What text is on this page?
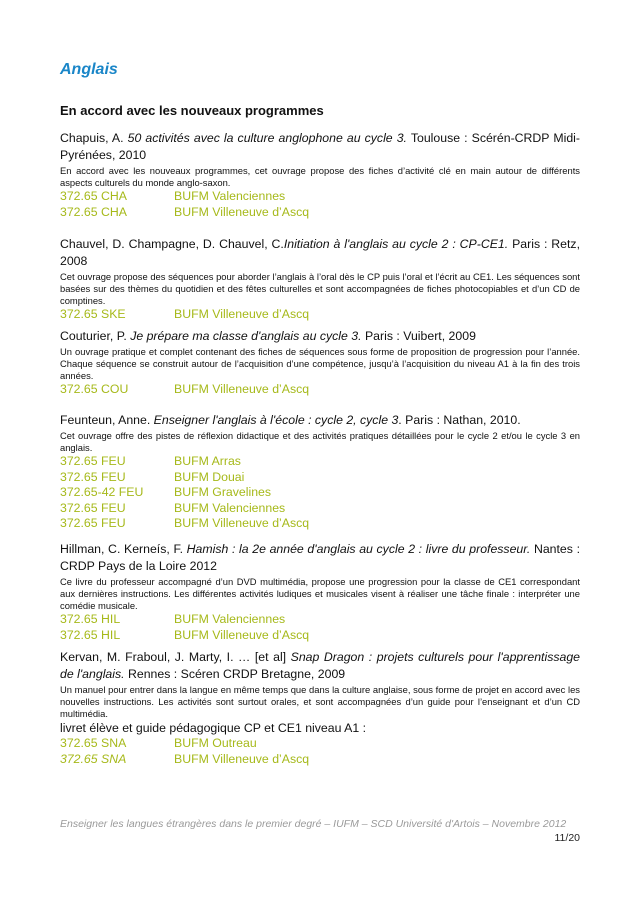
Anglais
En accord avec les nouveaux programmes
Chapuis, A. 50 activités avec la culture anglophone au cycle 3. Toulouse : Scérén-CRDP Midi-Pyrénées, 2010
En accord avec les nouveaux programmes, cet ouvrage propose des fiches d’activité clé en main autour de différents aspects culturels du monde anglo-saxon.
372.65 CHA	BUFM Valenciennes
372.65 CHA	BUFM Villeneuve d’Ascq
Chauvel, D. Champagne, D. Chauvel, C.Initiation à l'anglais au cycle 2 : CP-CE1. Paris : Retz, 2008
Cet ouvrage propose des séquences pour aborder l’anglais à l’oral dès le CP puis l’oral et l’écrit au CE1. Les séquences sont basées sur des thèmes du quotidien et des fêtes culturelles et sont accompagnées de fiches photocopiables et d’un CD de comptines.
372.65 SKE	BUFM Villeneuve d’Ascq
Couturier, P. Je prépare ma classe d'anglais au cycle 3. Paris : Vuibert, 2009
Un ouvrage pratique et complet contenant des fiches de séquences sous forme de proposition de progression pour l’année. Chaque séquence se construit autour de l’acquisition d’une compétence, jusqu’à l’acquisition du niveau A1 à la fin des trois années.
372.65 COU	BUFM Villeneuve d’Ascq
Feunteun, Anne. Enseigner l'anglais à l'école : cycle 2, cycle 3. Paris : Nathan, 2010.
Cet ouvrage offre des pistes de réflexion didactique et des activités pratiques détaillées pour le cycle 2 et/ou le cycle 3 en anglais.
372.65 FEU	BUFM Arras
372.65 FEU	BUFM Douai
372.65-42 FEU	BUFM Gravelines
372.65 FEU	BUFM Valenciennes
372.65 FEU	BUFM Villeneuve d’Ascq
Hillman, C. Kerneís, F. Hamish : la 2e année d'anglais au cycle 2 : livre du professeur. Nantes : CRDP Pays de la Loire 2012
Ce livre du professeur accompagné d’un DVD multimédia, propose une progression pour la classe de CE1 correspondant aux dernières instructions. Les différentes activités ludiques et musicales visent à réaliser une tâche finale : interpréter une comédie musicale.
372.65 HIL	BUFM Valenciennes
372.65 HIL	BUFM Villeneuve d’Ascq
Kervan, M. Fraboul, J. Marty, I. … [et al] Snap Dragon : projets culturels pour l'apprentissage de l'anglais. Rennes : Scéren CRDP Bretagne, 2009
Un manuel pour entrer dans la langue en même temps que dans la culture anglaise, sous forme de projet en accord avec les nouvelles instructions. Les activités sont surtout orales, et sont accompagnées d’un guide pour l’enseignant et d’un CD multimédia.
livret élève et guide pédagogique CP et CE1 niveau A1 :
372.65 SNA	BUFM Outreau
372.65 SNA	BUFM Villeneuve d’Ascq
Enseigner les langues étrangères dans le premier degré – IUFM – SCD Université d'Artois – Novembre 2012
11/20
